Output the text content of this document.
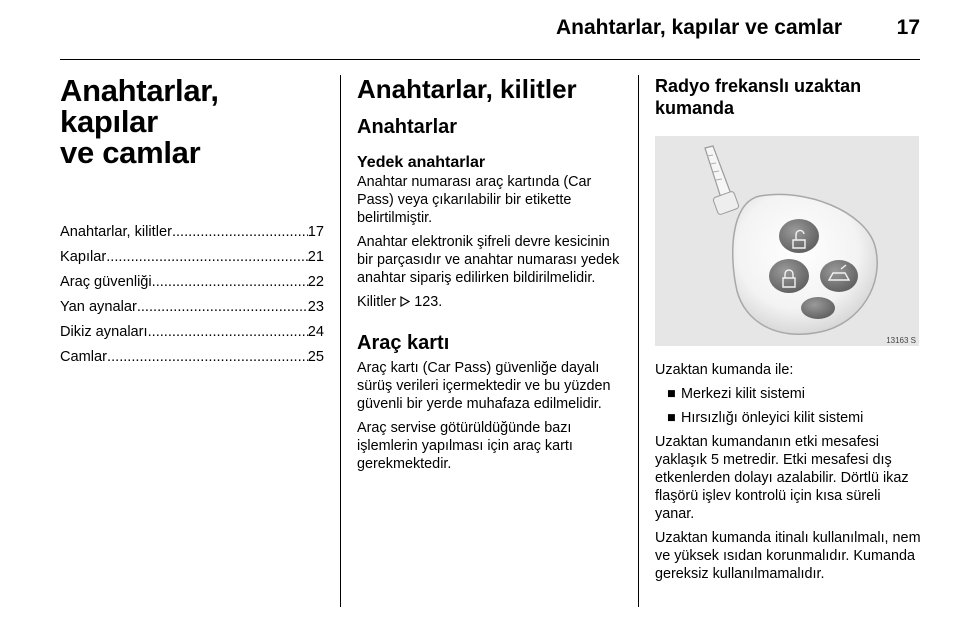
Anahtarlar, kapılar ve camlar	17
Anahtarlar, kapılar
ve camlar
Anahtarlar, kilitler .....	17
Kapılar .....	21
Araç güvenliği .....	22
Yan aynalar .....	23
Dikiz aynaları .....	24
Camlar .....	25
Anahtarlar, kilitler
Anahtarlar
Yedek anahtarlar

Anahtar numarası araç kartında (Car Pass) veya çıkarılabilir bir etikette belirtilmiştir.

Anahtar elektronik şifreli devre kesicinin bir parçasıdır ve anahtar numarası yedek anahtar sipariş edilirken bildirilmelidir.

Kilitler 123.

Araç kartı

Araç kartı (Car Pass) güvenliğe dayalı sürüş verileri içermektedir ve bu yüzden güvenli bir yerde muhafaza edilmelidir.

Araç servise götürüldüğünde bazı işlemlerin yapılması için araç kartı gerekmektedir.

Radyo frekanslı uzaktan
kumanda
13163 S

Uzaktan kumanda ile:

■ Merkezi kilit sistemi
■ Hırsızlığı önleyici kilit sistemi

Uzaktan kumandanın etki mesafesi yaklaşık 5 metredir. Etki mesafesi dış etkenlerden dolayı azalabilir. Dörtlü ikaz flaşörü işlev kontrolü için kısa süreli yanar.

Uzaktan kumanda itinalı kullanılmalı, nem ve yüksek ısıdan korunmalıdır. Kumanda gereksiz kullanılmamalıdır.
